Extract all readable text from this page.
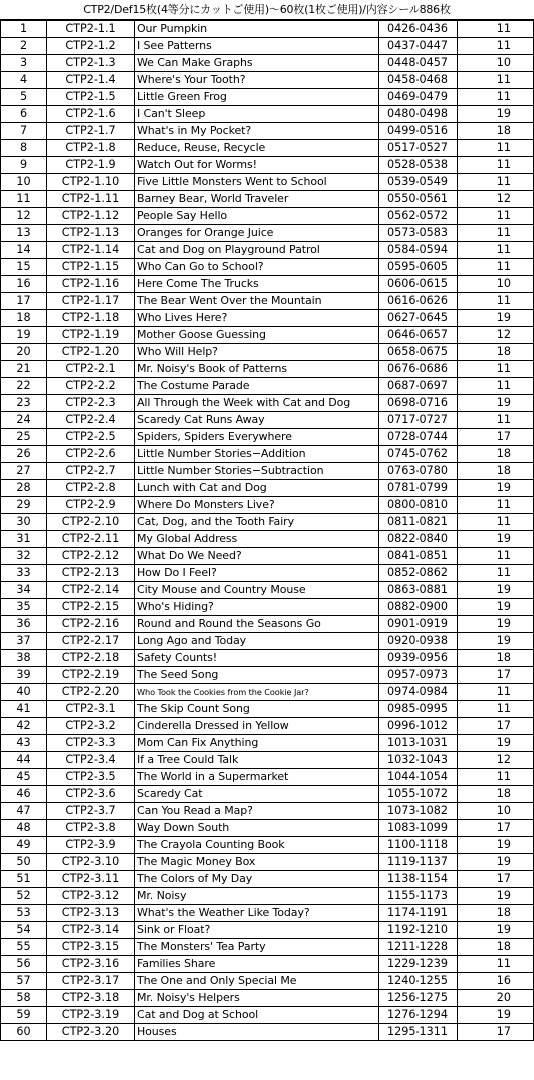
CTP2/Def15枚(4等分にカットご使用)〜60枚(1枚ご使用)/内容シール886枚
1	CTP2-1.1	Our Pumpkin	0426-0436	11
2	CTP2-1.2	I See Patterns	0437-0447	11
3	CTP2-1.3	We Can Make Graphs	0448-0457	10
4	CTP2-1.4	Where's Your Tooth?	0458-0468	11
5	CTP2-1.5	Little Green Frog	0469-0479	11
6	CTP2-1.6	I Can't Sleep	0480-0498	19
7	CTP2-1.7	What's in My Pocket?	0499-0516	18
8	CTP2-1.8	Reduce, Reuse, Recycle	0517-0527	11
9	CTP2-1.9	Watch Out for Worms!	0528-0538	11
10	CTP2-1.10	Five Little Monsters Went to School	0539-0549	11
11	CTP2-1.11	Barney Bear, World Traveler	0550-0561	12
12	CTP2-1.12	People Say Hello	0562-0572	11
13	CTP2-1.13	Oranges for Orange Juice	0573-0583	11
14	CTP2-1.14	Cat and Dog on Playground Patrol	0584-0594	11
15	CTP2-1.15	Who Can Go to School?	0595-0605	11
16	CTP2-1.16	Here Come The Trucks	0606-0615	10
17	CTP2-1.17	The Bear Went Over the Mountain	0616-0626	11
18	CTP2-1.18	Who Lives Here?	0627-0645	19
19	CTP2-1.19	Mother Goose Guessing	0646-0657	12
20	CTP2-1.20	Who Will Help?	0658-0675	18
21	CTP2-2.1	Mr. Noisy's Book of Patterns	0676-0686	11
22	CTP2-2.2	The Costume Parade	0687-0697	11
23	CTP2-2.3	All Through the Week with Cat and Dog	0698-0716	19
24	CTP2-2.4	Scaredy Cat Runs Away	0717-0727	11
25	CTP2-2.5	Spiders, Spiders Everywhere	0728-0744	17
26	CTP2-2.6	Little Number Stories−Addition	0745-0762	18
27	CTP2-2.7	Little Number Stories−Subtraction	0763-0780	18
28	CTP2-2.8	Lunch with Cat and Dog	0781-0799	19
29	CTP2-2.9	Where Do Monsters Live?	0800-0810	11
30	CTP2-2.10	Cat, Dog, and the Tooth Fairy	0811-0821	11
31	CTP2-2.11	My Global Address	0822-0840	19
32	CTP2-2.12	What Do We Need?	0841-0851	11
33	CTP2-2.13	How Do I Feel?	0852-0862	11
34	CTP2-2.14	City Mouse and Country Mouse	0863-0881	19
35	CTP2-2.15	Who's Hiding?	0882-0900	19
36	CTP2-2.16	Round and Round the Seasons Go	0901-0919	19
37	CTP2-2.17	Long Ago and Today	0920-0938	19
38	CTP2-2.18	Safety Counts!	0939-0956	18
39	CTP2-2.19	The Seed Song	0957-0973	17
40	CTP2-2.20	Who Took the Cookies from the Cookie Jar?	0974-0984	11
41	CTP2-3.1	The Skip Count Song	0985-0995	11
42	CTP2-3.2	Cinderella Dressed in Yellow	0996-1012	17
43	CTP2-3.3	Mom Can Fix Anything	1013-1031	19
44	CTP2-3.4	If a Tree Could Talk	1032-1043	12
45	CTP2-3.5	The World in a Supermarket	1044-1054	11
46	CTP2-3.6	Scaredy Cat	1055-1072	18
47	CTP2-3.7	Can You Read a Map?	1073-1082	10
48	CTP2-3.8	Way Down South	1083-1099	17
49	CTP2-3.9	The Crayola Counting Book	1100-1118	19
50	CTP2-3.10	The Magic Money Box	1119-1137	19
51	CTP2-3.11	The Colors of My Day	1138-1154	17
52	CTP2-3.12	Mr. Noisy	1155-1173	19
53	CTP2-3.13	What's the Weather Like Today?	1174-1191	18
54	CTP2-3.14	Sink or Float?	1192-1210	19
55	CTP2-3.15	The Monsters' Tea Party	1211-1228	18
56	CTP2-3.16	Families Share	1229-1239	11
57	CTP2-3.17	The One and Only Special Me	1240-1255	16
58	CTP2-3.18	Mr. Noisy's Helpers	1256-1275	20
59	CTP2-3.19	Cat and Dog at School	1276-1294	19
60	CTP2-3.20	Houses	1295-1311	17
